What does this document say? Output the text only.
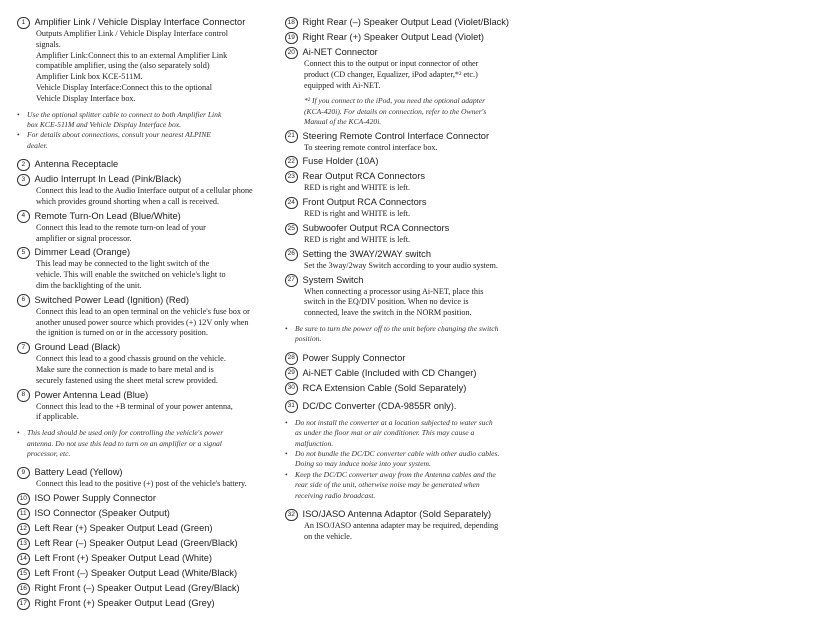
1	Amplifier Link / Vehicle Display Interface Connector
Outputs Amplifier Link / Vehicle Display Interface control
signals.
Amplifier Link:Connect this to an external Amplifier Link
compatible amplifier, using the (also separately sold)
Amplifier Link box KCE-511M.
Vehicle Display Interface:Connect this to the optional
Vehicle Display Interface box.
• Use the optional splitter cable to connect to both Amplifier Link
box KCE-511M and Vehicle Display Interface box.
• For details about connections, consult your nearest ALPINE
dealer.
2	Antenna Receptacle
3	Audio Interrupt In Lead (Pink/Black)
Connect this lead to the Audio Interface output of a cellular phone
which provides ground shorting when a call is received.
4	Remote Turn-On Lead (Blue/White)
Connect this lead to the remote turn-on lead of your
amplifier or signal processor.
5	Dimmer Lead (Orange)
This lead may be connected to the light switch of the
vehicle. This will enable the switched on vehicle's light to
dim the backlighting of the unit.
6	Switched Power Lead (Ignition) (Red)
Connect this lead to an open terminal on the vehicle's fuse box or
another unused power source which provides (+) 12V only when
the ignition is turned on or in the accessory position.
7	Ground Lead (Black)
Connect this lead to a good chassis ground on the vehicle.
Make sure the connection is made to bare metal and is
securely fastened using the sheet metal screw provided.
8	Power Antenna Lead (Blue)
Connect this lead to the +B terminal of your power antenna,
if applicable.
• This lead should be used only for controlling the vehicle's power
antenna. Do not use this lead to turn on an amplifier or a signal
processor, etc.
9	Battery Lead (Yellow)
Connect this lead to the positive (+) post of the vehicle's battery.
10 ISO Power Supply Connector
11 ISO Connector (Speaker Output)
12 Left Rear (+) Speaker Output Lead (Green)
13 Left Rear (–) Speaker Output Lead (Green/Black)
14 Left Front (+) Speaker Output Lead (White)
15 Left Front (–) Speaker Output Lead (White/Black)
16 Right Front (–) Speaker Output Lead (Grey/Black)
17 Right Front (+) Speaker Output Lead (Grey)
18 Right Rear (–) Speaker Output Lead (Violet/Black)
19 Right Rear (+) Speaker Output Lead (Violet)
20 Ai-NET Connector
Connect this to the output or input connector of other
product (CD changer, Equalizer, iPod adapter,*² etc.)
equipped with Ai-NET.
*² If you connect to the iPod, you need the optional adapter
(KCA-420i). For details on connection, refer to the Owner's
Manual of the KCA-420i.
21 Steering Remote Control Interface Connector
To steering remote control interface box.
22 Fuse Holder (10A)
23 Rear Output RCA Connectors
RED is right and WHITE is left.
24 Front Output RCA Connectors
RED is right and WHITE is left.
25 Subwoofer Output RCA Connectors
RED is right and WHITE is left.
26 Setting the 3WAY/2WAY switch
Set the 3way/2way Switch according to your audio system.
27 System Switch
When connecting a processor using Ai-NET, place this
switch in the EQ/DIV position. When no device is
connected, leave the switch in the NORM position.
• Be sure to turn the power off to the unit before changing the switch
position.
28 Power Supply Connector
29 Ai-NET Cable (Included with CD Changer)
30 RCA Extension Cable (Sold Separately)
31 DC/DC Converter (CDA-9855R only).
• Do not install the converter at a location subjected to water such
as under the floor mat or air conditioner. This may cause a
malfunction.
• Do not bundle the DC/DC converter cable with other audio cables.
Doing so may induce noise into your system.
• Keep the DC/DC converter away from the Antenna cables and the
rear side of the unit, otherwise noise may be generated when
receiving radio broadcast.
32 ISO/JASO Antenna Adaptor (Sold Separately)
An ISO/JASO antenna adapter may be required, depending
on the vehicle.
